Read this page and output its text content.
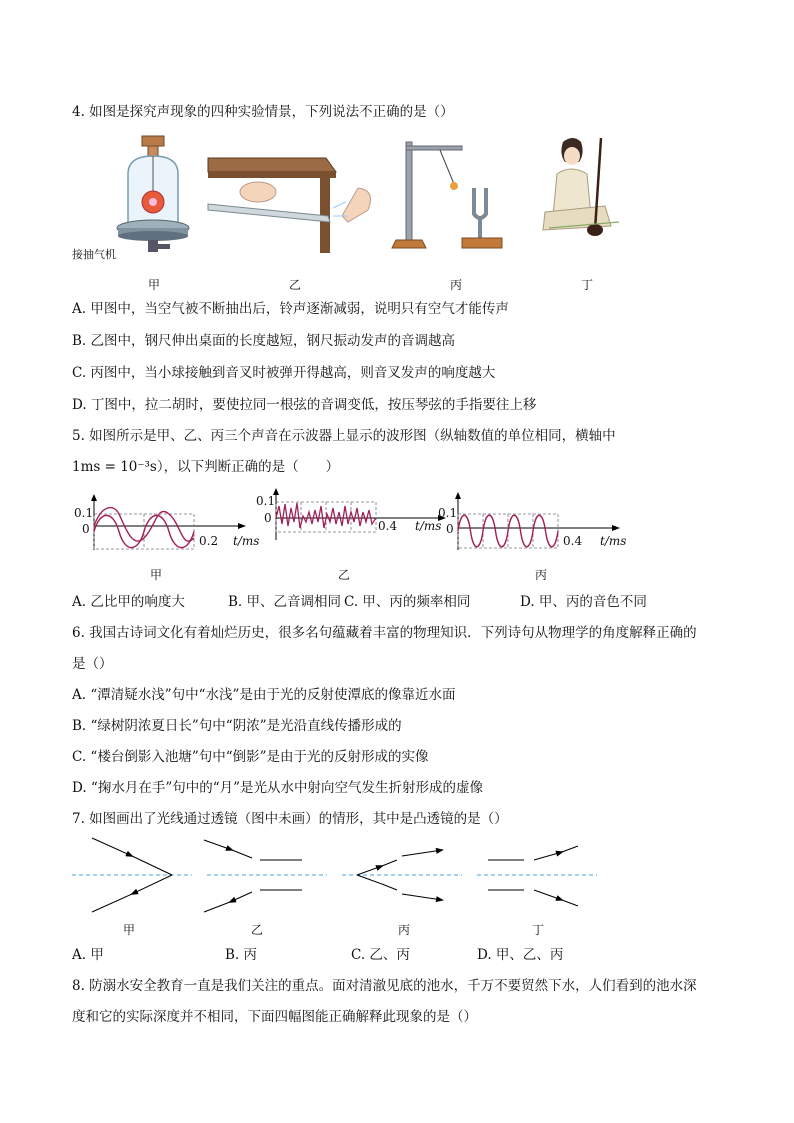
4. 如图是探究声现象的四种实验情景，下列说法不正确的是（）
接抽气机
甲	乙	丙	丁
A. 甲图中，当空气被不断抽出后，铃声逐渐减弱，说明只有空气才能传声
B. 乙图中，钢尺伸出桌面的长度越短，钢尺振动发声的音调越高
C. 丙图中，当小球接触到音叉时被弹开得越高，则音叉发声的响度越大
D. 丁图中，拉二胡时，要使拉同一根弦的音调变低，按压琴弦的手指要往上移
5. 如图所示是甲、乙、丙三个声音在示波器上显示的波形图（纵轴数值的单位相同，横轴中
1ms = 10⁻³s），以下判断正确的是（　　）
0.1
0
0.2 t/ms
甲
0.1
0
0.4 t/ms
乙
0.1
0
0.4 t/ms
丙
A. 乙比甲的响度大	B. 甲、乙音调相同 C. 甲、丙的频率相同	D. 甲、丙的音色不同
6. 我国古诗词文化有着灿烂历史，很多名句蕴藏着丰富的物理知识．下列诗句从物理学的角度解释正确的
是（）
A. “潭清疑水浅”句中“水浅”是由于光的反射使潭底的像靠近水面
B. “绿树阴浓夏日长”句中“阴浓”是光沿直线传播形成的
C. “楼台倒影入池塘”句中“倒影”是由于光的反射形成的实像
D. “掬水月在手”句中的“月”是光从水中射向空气发生折射形成的虚像
7. 如图画出了光线通过透镜（图中未画）的情形，其中是凸透镜的是（）
甲	乙	丙	丁
A. 甲	B. 丙	C. 乙、丙	D. 甲、乙、丙
8. 防溺水安全教育一直是我们关注的重点。面对清澈见底的池水，千万不要贸然下水，人们看到的池水深
度和它的实际深度并不相同，下面四幅图能正确解释此现象的是（）
